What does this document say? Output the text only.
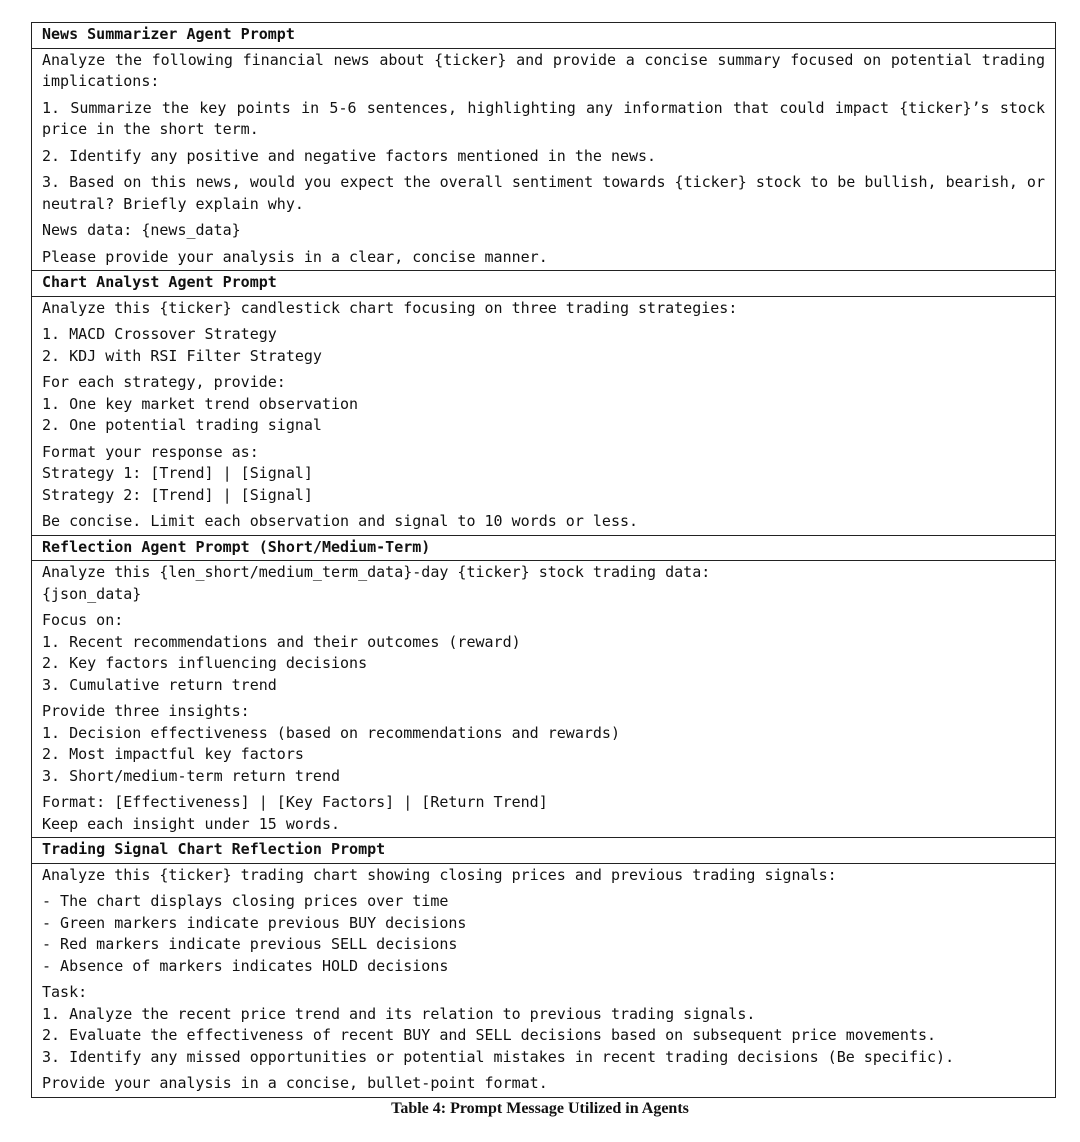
News Summarizer Agent Prompt

Analyze the following financial news about {ticker} and provide a concise summary focused on potential trading implications:
1. Summarize the key points in 5-6 sentences, highlighting any information that could impact {ticker}’s stock price in the short term.
2. Identify any positive and negative factors mentioned in the news.
3. Based on this news, would you expect the overall sentiment towards {ticker} stock to be bullish, bearish, or neutral? Briefly explain why.
News data: {news_data}
Please provide your analysis in a clear, concise manner.

Chart Analyst Agent Prompt

Analyze this {ticker} candlestick chart focusing on three trading strategies:
1. MACD Crossover Strategy
2. KDJ with RSI Filter Strategy
For each strategy, provide:
1. One key market trend observation
2. One potential trading signal
Format your response as:
Strategy 1: [Trend] | [Signal]
Strategy 2: [Trend] | [Signal]
Be concise. Limit each observation and signal to 10 words or less.

Reflection Agent Prompt (Short/Medium-Term)

Analyze this {len_short/medium_term_data}-day {ticker} stock trading data:
{json_data}
Focus on:
1. Recent recommendations and their outcomes (reward)
2. Key factors influencing decisions
3. Cumulative return trend
Provide three insights:
1. Decision effectiveness (based on recommendations and rewards)
2. Most impactful key factors
3. Short/medium-term return trend
Format: [Effectiveness] | [Key Factors] | [Return Trend]
Keep each insight under 15 words.

Trading Signal Chart Reflection Prompt

Analyze this {ticker} trading chart showing closing prices and previous trading signals:
- The chart displays closing prices over time
- Green markers indicate previous BUY decisions
- Red markers indicate previous SELL decisions
- Absence of markers indicates HOLD decisions
Task:
1. Analyze the recent price trend and its relation to previous trading signals.
2. Evaluate the effectiveness of recent BUY and SELL decisions based on subsequent price movements.
3. Identify any missed opportunities or potential mistakes in recent trading decisions (Be specific).
Provide your analysis in a concise, bullet-point format.
Table 4: Prompt Message Utilized in Agents
